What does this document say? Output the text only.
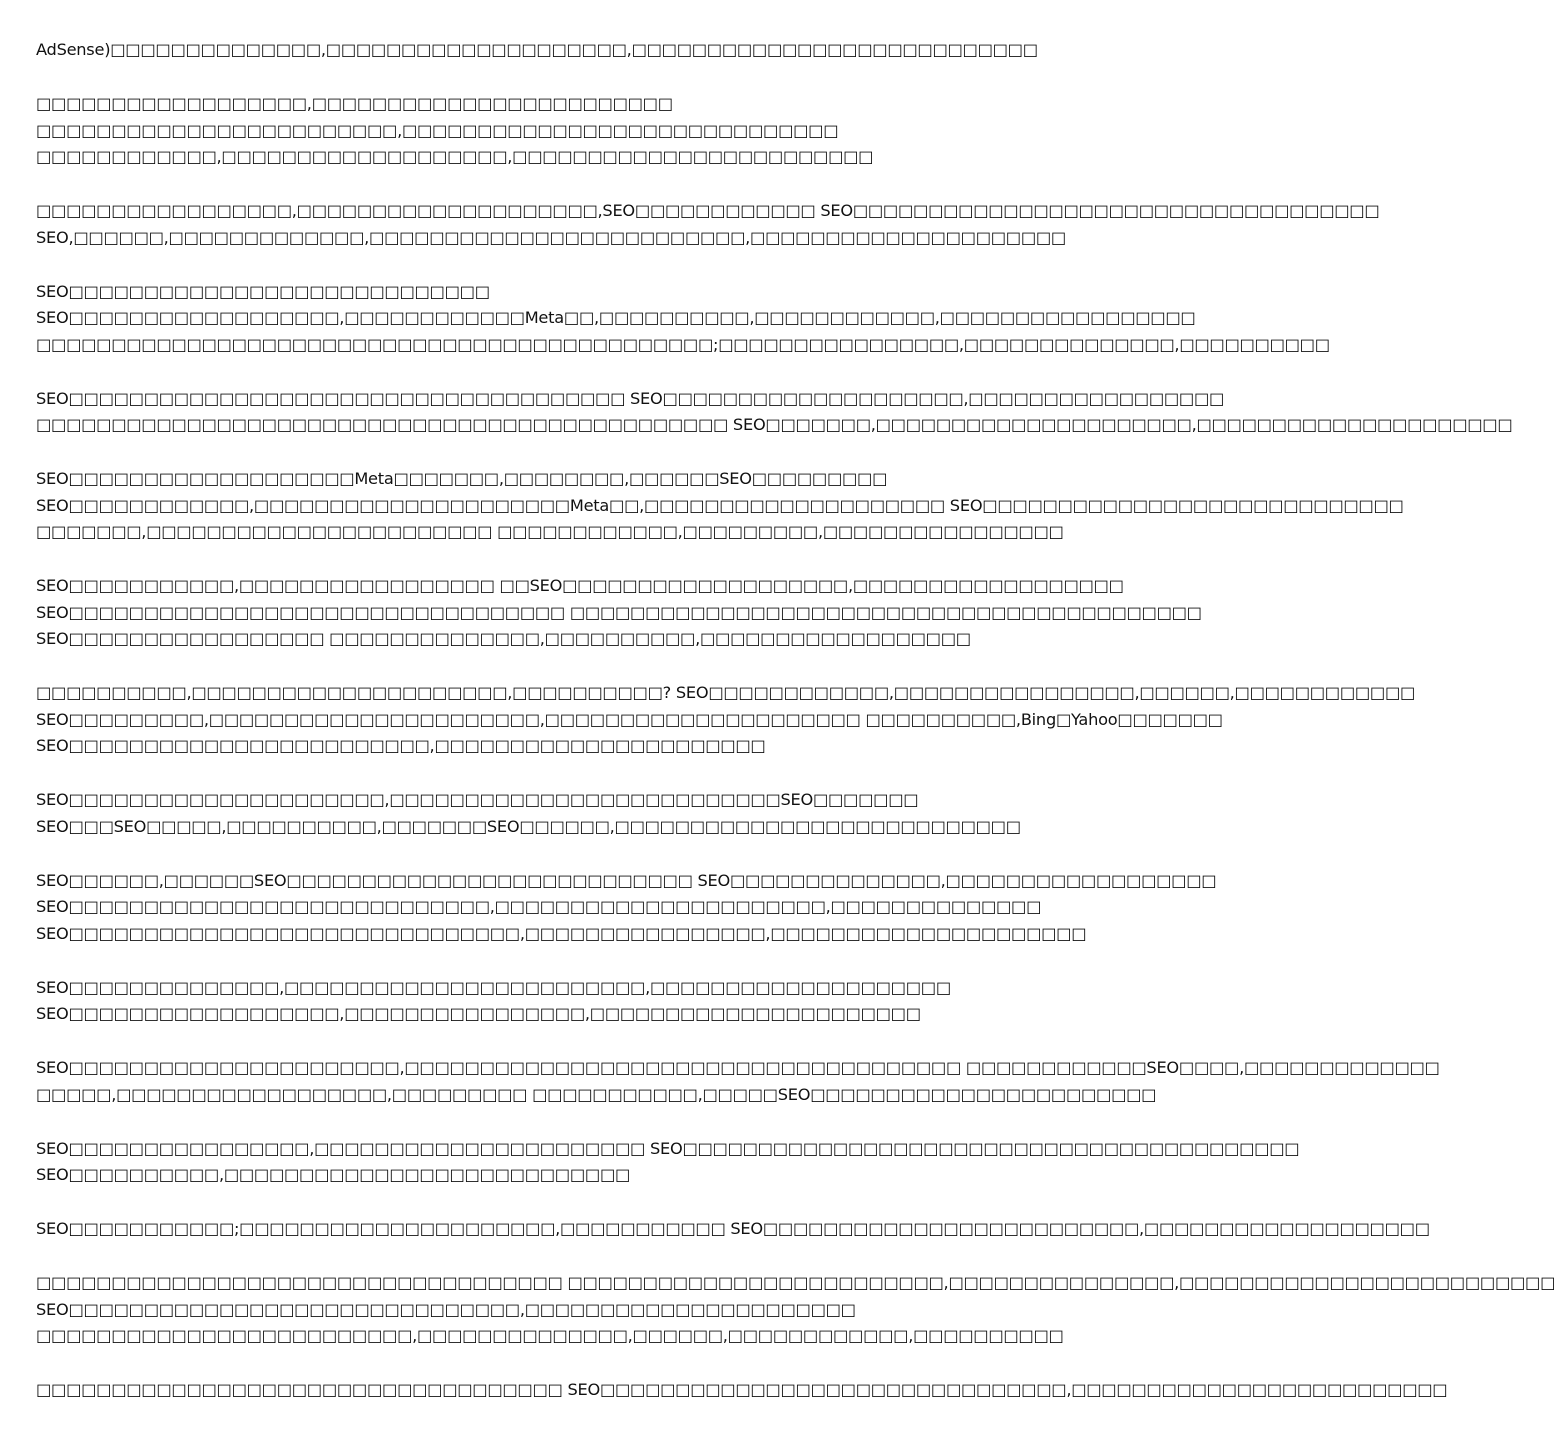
AdSense)□□□□□□□□□□□□□□,□□□□□□□□□□□□□□□□□□□□,□□□□□□□□□□□□□□□□□□□□□□□□□□□
□□□□□□□□□□□□□□□□□□,□□□□□□□□□□□□□□□□□□□□□□□□
□□□□□□□□□□□□□□□□□□□□□□□□,□□□□□□□□□□□□□□□□□□□□□□□□□□□□□
□□□□□□□□□□□□,□□□□□□□□□□□□□□□□□□□,□□□□□□□□□□□□□□□□□□□□□□□□
□□□□□□□□□□□□□□□□□,□□□□□□□□□□□□□□□□□□□□,SEO□□□□□□□□□□□□ SEO□□□□□□□□□□□□□□□□□□□□□□□□□□□□□□□□□□□
SEO,□□□□□□,□□□□□□□□□□□□□,□□□□□□□□□□□□□□□□□□□□□□□□□,□□□□□□□□□□□□□□□□□□□□□
SEO□□□□□□□□□□□□□□□□□□□□□□□□□□□□
SEO□□□□□□□□□□□□□□□□□□,□□□□□□□□□□□□Meta□□,□□□□□□□□□□,□□□□□□□□□□□□,□□□□□□□□□□□□□□□□□
□□□□□□□□□□□□□□□□□□□□□□□□□□□□□□□□□□□□□□□□□□□□□;□□□□□□□□□□□□□□□□,□□□□□□□□□□□□□□,□□□□□□□□□□
SEO□□□□□□□□□□□□□□□□□□□□□□□□□□□□□□□□□□□□□ SEO□□□□□□□□□□□□□□□□□□□□,□□□□□□□□□□□□□□□□□
□□□□□□□□□□□□□□□□□□□□□□□□□□□□□□□□□□□□□□□□□□□□□□ SEO□□□□□□□,□□□□□□□□□□□□□□□□□□□□□,□□□□□□□□□□□□□□□□□□□□□
SEO□□□□□□□□□□□□□□□□□□□Meta□□□□□□□,□□□□□□□□,□□□□□□SEO□□□□□□□□□
SEO□□□□□□□□□□□□,□□□□□□□□□□□□□□□□□□□□□Meta□□,□□□□□□□□□□□□□□□□□□□□ SEO□□□□□□□□□□□□□□□□□□□□□□□□□□□□
□□□□□□□,□□□□□□□□□□□□□□□□□□□□□□□ □□□□□□□□□□□□,□□□□□□□□□,□□□□□□□□□□□□□□□□
SEO□□□□□□□□□□□,□□□□□□□□□□□□□□□□□ □□SEO□□□□□□□□□□□□□□□□□□□,□□□□□□□□□□□□□□□□□□
SEO□□□□□□□□□□□□□□□□□□□□□□□□□□□□□□□□□ □□□□□□□□□□□□□□□□□□□□□□□□□□□□□□□□□□□□□□□□□□
SEO□□□□□□□□□□□□□□□□□ □□□□□□□□□□□□□□,□□□□□□□□□□,□□□□□□□□□□□□□□□□□□
□□□□□□□□□□,□□□□□□□□□□□□□□□□□□□□□,□□□□□□□□□□? SEO□□□□□□□□□□□□,□□□□□□□□□□□□□□□□,□□□□□□,□□□□□□□□□□□□
SEO□□□□□□□□□,□□□□□□□□□□□□□□□□□□□□□□,□□□□□□□□□□□□□□□□□□□□□ □□□□□□□□□□,Bing□Yahoo□□□□□□□
SEO□□□□□□□□□□□□□□□□□□□□□□□□,□□□□□□□□□□□□□□□□□□□□□□
SEO□□□□□□□□□□□□□□□□□□□□□,□□□□□□□□□□□□□□□□□□□□□□□□□□SEO□□□□□□□
SEO□□□SEO□□□□□,□□□□□□□□□□,□□□□□□□SEO□□□□□□,□□□□□□□□□□□□□□□□□□□□□□□□□□□
SEO□□□□□□,□□□□□□SEO□□□□□□□□□□□□□□□□□□□□□□□□□□□ SEO□□□□□□□□□□□□□□,□□□□□□□□□□□□□□□□□□
SEO□□□□□□□□□□□□□□□□□□□□□□□□□□□□,□□□□□□□□□□□□□□□□□□□□□□,□□□□□□□□□□□□□□
SEO□□□□□□□□□□□□□□□□□□□□□□□□□□□□□□,□□□□□□□□□□□□□□□□,□□□□□□□□□□□□□□□□□□□□□
SEO□□□□□□□□□□□□□□,□□□□□□□□□□□□□□□□□□□□□□□□,□□□□□□□□□□□□□□□□□□□□
SEO□□□□□□□□□□□□□□□□□□,□□□□□□□□□□□□□□□□,□□□□□□□□□□□□□□□□□□□□□□
SEO□□□□□□□□□□□□□□□□□□□□□□,□□□□□□□□□□□□□□□□□□□□□□□□□□□□□□□□□□□□□ □□□□□□□□□□□□SEO□□□□,□□□□□□□□□□□□□
□□□□□,□□□□□□□□□□□□□□□□□□,□□□□□□□□□ □□□□□□□□□□□,□□□□□SEO□□□□□□□□□□□□□□□□□□□□□□□
SEO□□□□□□□□□□□□□□□□,□□□□□□□□□□□□□□□□□□□□□□ SEO□□□□□□□□□□□□□□□□□□□□□□□□□□□□□□□□□□□□□□□□□
SEO□□□□□□□□□□,□□□□□□□□□□□□□□□□□□□□□□□□□□□
SEO□□□□□□□□□□□;□□□□□□□□□□□□□□□□□□□□□,□□□□□□□□□□□ SEO□□□□□□□□□□□□□□□□□□□□□□□□□,□□□□□□□□□□□□□□□□□□□
□□□□□□□□□□□□□□□□□□□□□□□□□□□□□□□□□□□ □□□□□□□□□□□□□□□□□□□□□□□□□,□□□□□□□□□□□□□□□,□□□□□□□□□□□□□□□□□□□□□□□□□
SEO□□□□□□□□□□□□□□□□□□□□□□□□□□□□□□,□□□□□□□□□□□□□□□□□□□□□□
□□□□□□□□□□□□□□□□□□□□□□□□□,□□□□□□□□□□□□□□,□□□□□□,□□□□□□□□□□□□,□□□□□□□□□□
□□□□□□□□□□□□□□□□□□□□□□□□□□□□□□□□□□□ SEO□□□□□□□□□□□□□□□□□□□□□□□□□□□□□□□,□□□□□□□□□□□□□□□□□□□□□□□□□
